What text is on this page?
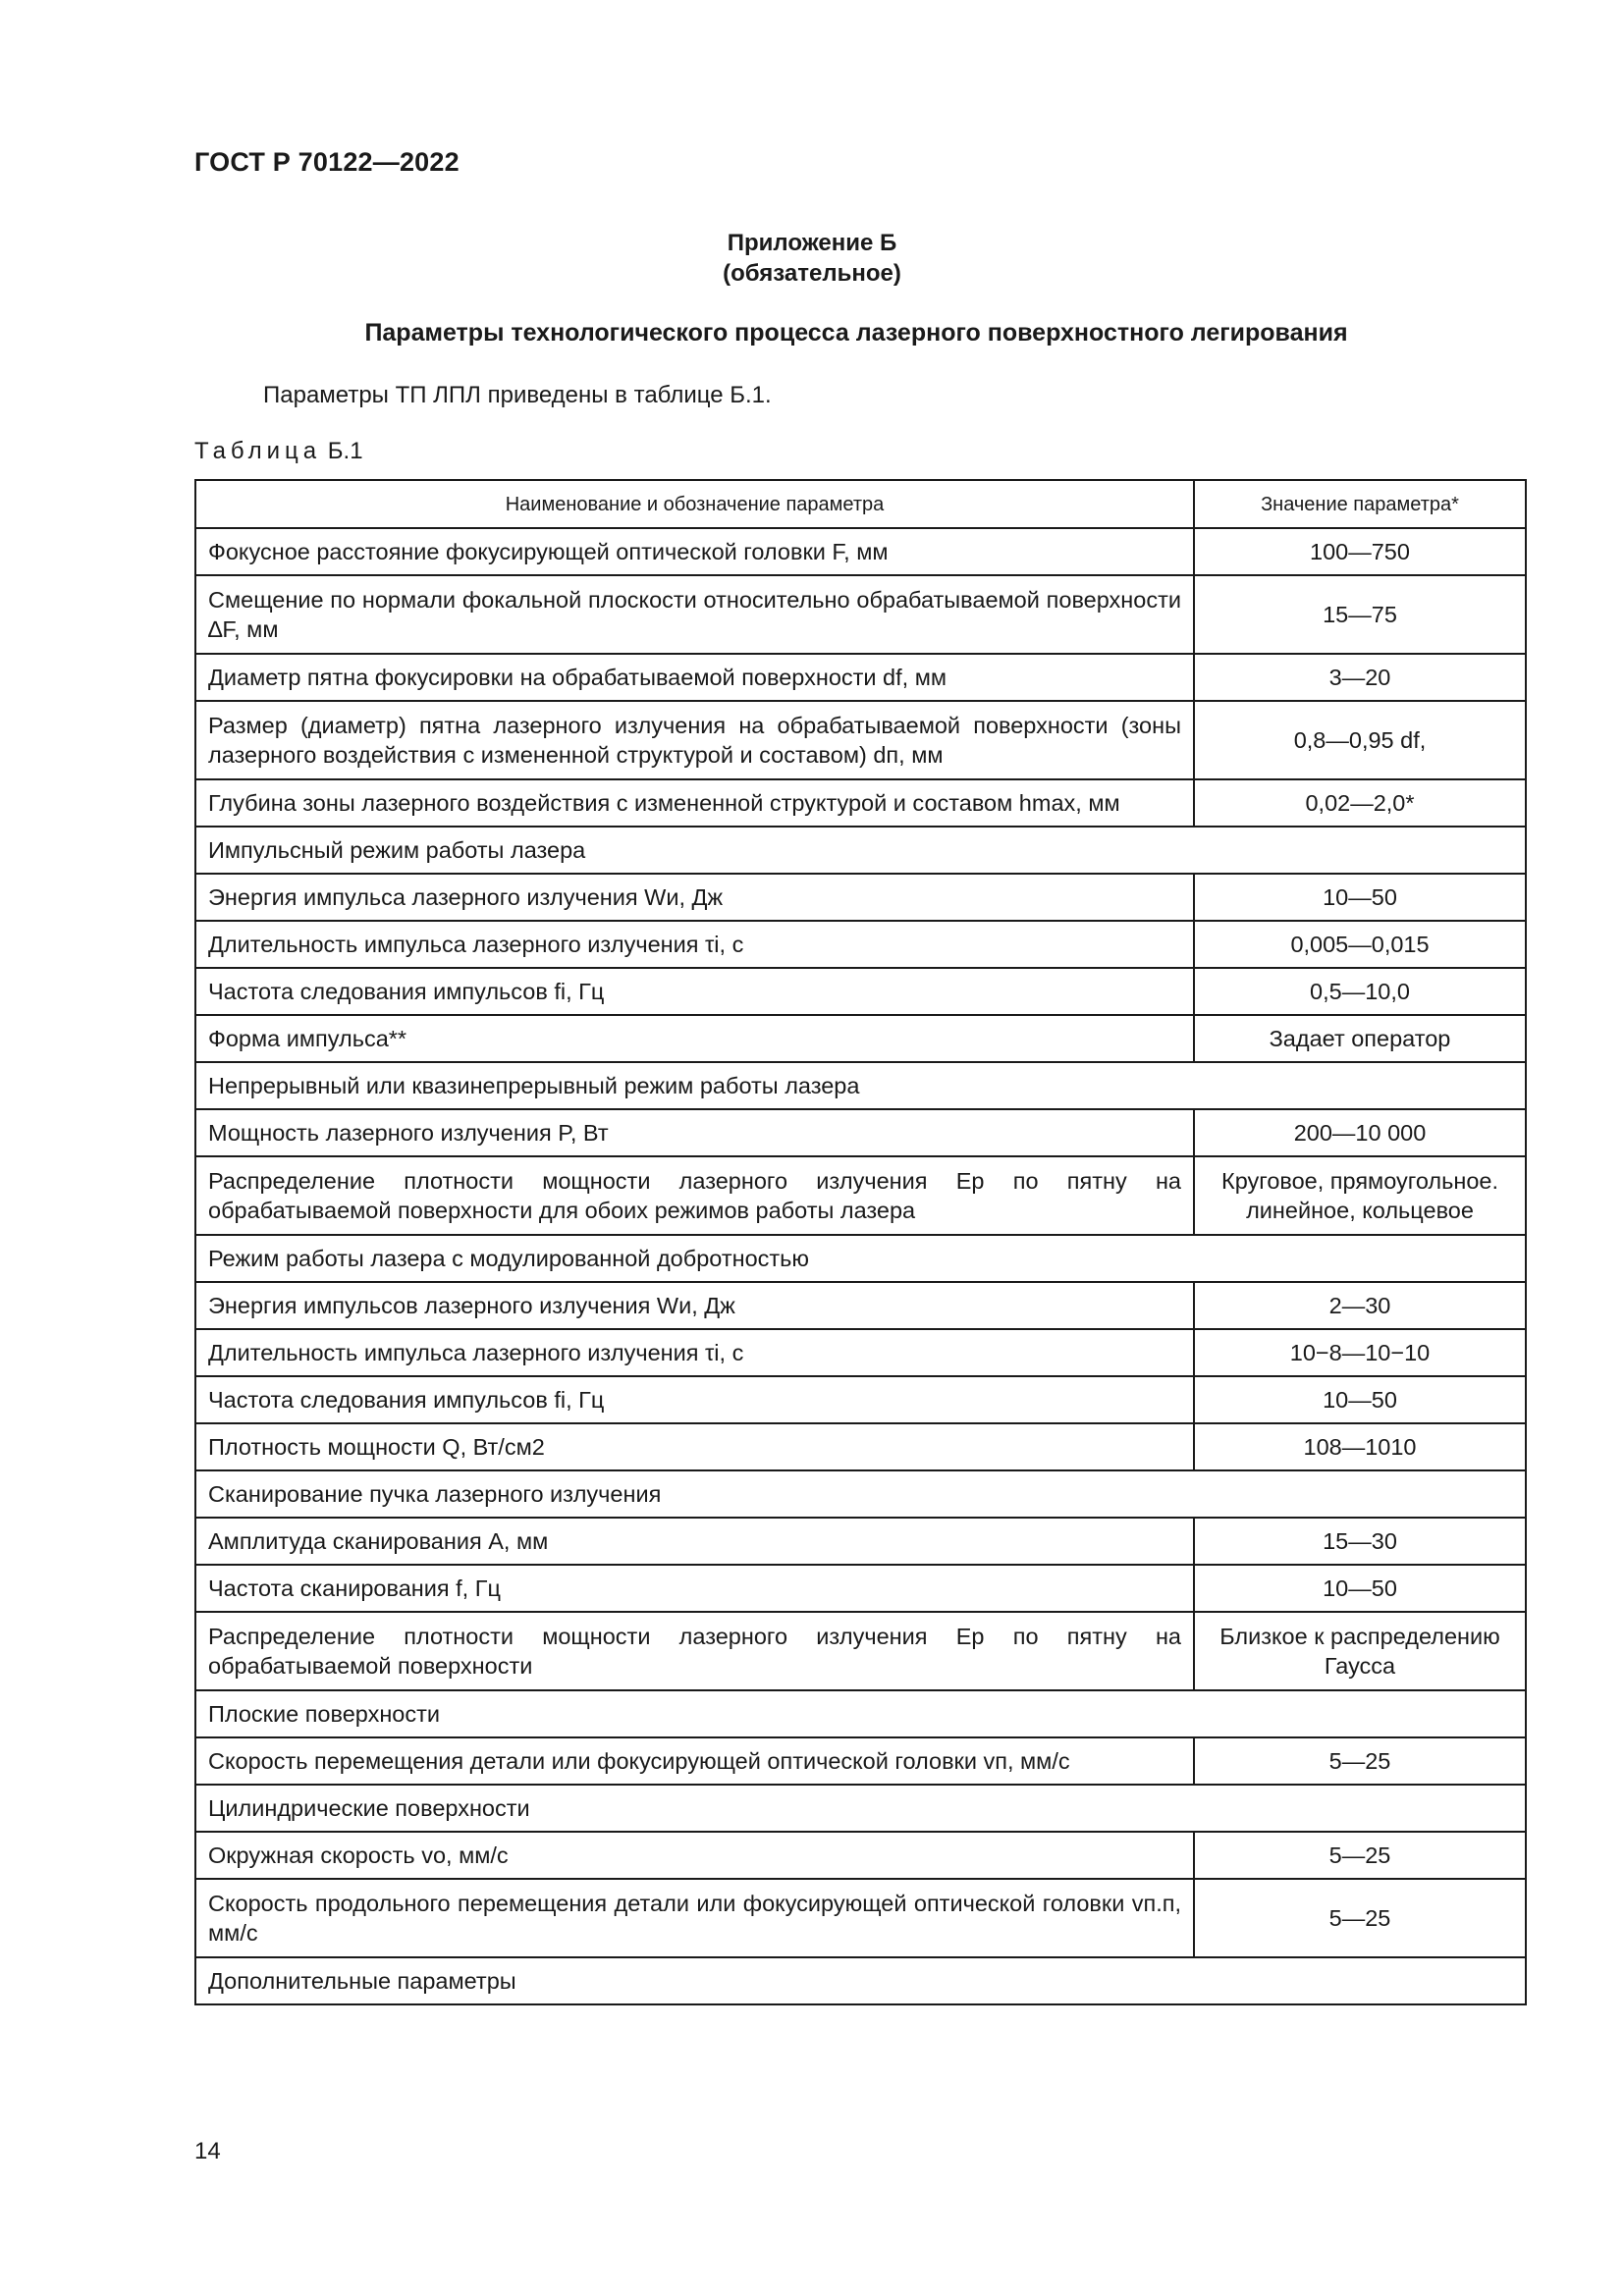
ГОСТ Р 70122—2022
Приложение Б
(обязательное)
Параметры технологического процесса лазерного поверхностного легирования
Параметры ТП ЛПЛ приведены в таблице Б.1.
Таблица Б.1
Наименование и обозначение параметра	Значение параметра*
Фокусное расстояние фокусирующей оптической головки F, мм	100—750
Смещение по нормали фокальной плоскости относительно обрабатываемой поверхности ∆F, мм	15—75
Диаметр пятна фокусировки на обрабатываемой поверхности df, мм	3—20
Размер (диаметр) пятна лазерного излучения на обрабатываемой поверхности (зоны лазерного воздействия с измененной структурой и составом) dп, мм	0,8—0,95 df,
Глубина зоны лазерного воздействия с измененной структурой и составом hmax, мм	0,02—2,0*
Импульсный режим работы лазера	
Энергия импульса лазерного излучения Wи, Дж	10—50
Длительность импульса лазерного излучения τi, с	0,005—0,015
Частота следования импульсов fi, Гц	0,5—10,0
Форма импульса**	Задает оператор
Непрерывный или квазинепрерывный режим работы лазера	
Мощность лазерного излучения P, Вт	200—10 000
Распределение плотности мощности лазерного излучения Ep по пятну на обрабатываемой поверхности для обоих режимов работы лазера	Круговое, прямоугольное. линейное, кольцевое
Режим работы лазера с модулированной добротностью	
Энергия импульсов лазерного излучения Wи, Дж	2—30
Длительность импульса лазерного излучения τi, с	10−8—10−10
Частота следования импульсов fi, Гц	10—50
Плотность мощности Q, Вт/см2	108—1010
Сканирование пучка лазерного излучения	
Амплитуда сканирования A, мм	15—30
Частота сканирования f, Гц	10—50
Распределение плотности мощности лазерного излучения Ep по пятну на обрабатываемой поверхности	Близкое к распределению Гаусса
Плоские поверхности	
Скорость перемещения детали или фокусирующей оптической головки vп, мм/с	5—25
Цилиндрические поверхности	
Окружная скорость vo, мм/с	5—25
Скорость продольного перемещения детали или фокусирующей оптической головки vп.п, мм/с	5—25
Дополнительные параметры	
14
